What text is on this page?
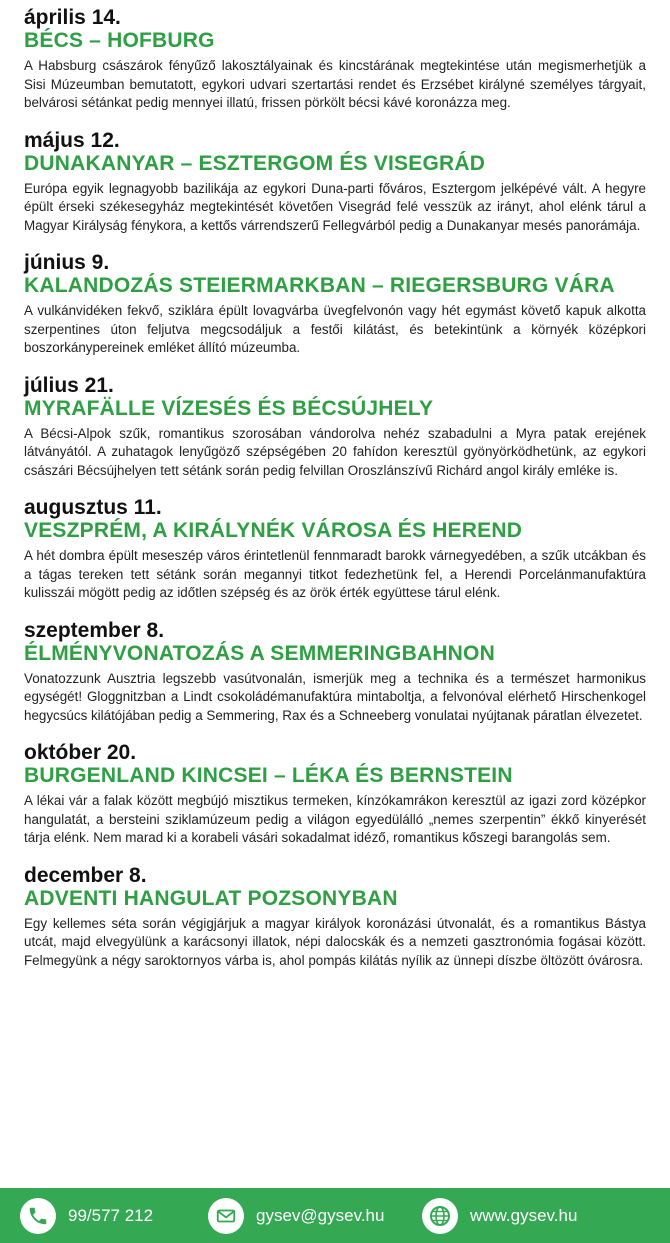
április 14.
BÉCS – HOFBURG
A Habsburg császárok fényűző lakosztályainak és kincstárának megtekintése után megismerhetjük a Sisi Múzeumban bemutatott, egykori udvari szertartási rendet és Erzsébet királyné személyes tárgyait, belvárosi sétánkat pedig mennyei illatú, frissen pörkölt bécsi kávé koronázza meg.
május 12.
DUNAKANYAR – ESZTERGOM ÉS VISEGRÁD
Európa egyik legnagyobb bazilikája az egykori Duna-parti főváros, Esztergom jelképévé vált. A hegyre épült érseki székesegyház megtekintését követően Visegrád felé vesszük az irányt, ahol elénk tárul a Magyar Királyság fénykora, a kettős várrendszerű Fellegvárból pedig a Dunakanyar mesés panorámája.
június 9.
KALANDOZÁS STEIERMARKBAN – RIEGERSBURG VÁRA
A vulkánvidéken fekvő, sziklára épült lovagvárba üvegfelvonón vagy hét egymást követő kapuk alkotta szerpentines úton feljutva megcsodáljuk a festői kilátást, és betekintünk a környék középkori boszorkánypereinek emléket állító múzeumba.
július 21.
MYRAFÄLLE VÍZESÉS ÉS BÉCSÚJHELY
A Bécsi-Alpok szűk, romantikus szorosában vándorolva nehéz szabadulni a Myra patak erejének látványától. A zuhatagok lenyűgöző szépségében 20 fahídon keresztül gyönyörködhetünk, az egykori császári Bécsújhelyen tett sétánk során pedig felvillan Oroszlánszívű Richárd angol király emléke is.
augusztus 11.
VESZPRÉM, A KIRÁLYNÉK VÁROSA ÉS HEREND
A hét dombra épült meseszép város érintetlenül fennmaradt barokk várnegyedében, a szűk utcákban és a tágas tereken tett sétánk során megannyi titkot fedezhetünk fel, a Herendi Porcelánmanufaktúra kulisszái mögött pedig az időtlen szépség és az örök érték együttese tárul elénk.
szeptember 8.
ÉLMÉNYVONATOZÁS A SEMMERINGBAHNON
Vonatozzunk Ausztria legszebb vasútvonalán, ismerjük meg a technika és a természet harmonikus egységét! Gloggnitzban a Lindt csokoládémanufaktúra mintaboltja, a felvonóval elérhető Hirschenkogel hegycsúcs kilátójában pedig a Semmering, Rax és a Schneeberg vonulatai nyújtanak páratlan élvezetet.
október 20.
BURGENLAND KINCSEI – LÉKA ÉS BERNSTEIN
A lékai vár a falak között megbújó misztikus termeken, kínzókamrákon keresztül az igazi zord középkor hangulatát, a bersteini sziklamúzeum pedig a világon egyedülálló „nemes szerpentin” ékkő kinyerését tárja elénk. Nem marad ki a korabeli vásári sokadalmat idéző, romantikus kőszegi barangolás sem.
december 8.
ADVENTI HANGULAT POZSONYBAN
Egy kellemes séta során végigjárjuk a magyar királyok koronázási útvonalát, és a romantikus Bástya utcát, majd elvegyülünk a karácsonyi illatok, népi dalocskák és a nemzeti gasztronómia fogásai között. Felmegyünk a négy saroktornyos várba is, ahol pompás kilátás nyílik az ünnepi díszbe öltözött óvárosra.
99/577 212	gysev@gysev.hu	www.gysev.hu
